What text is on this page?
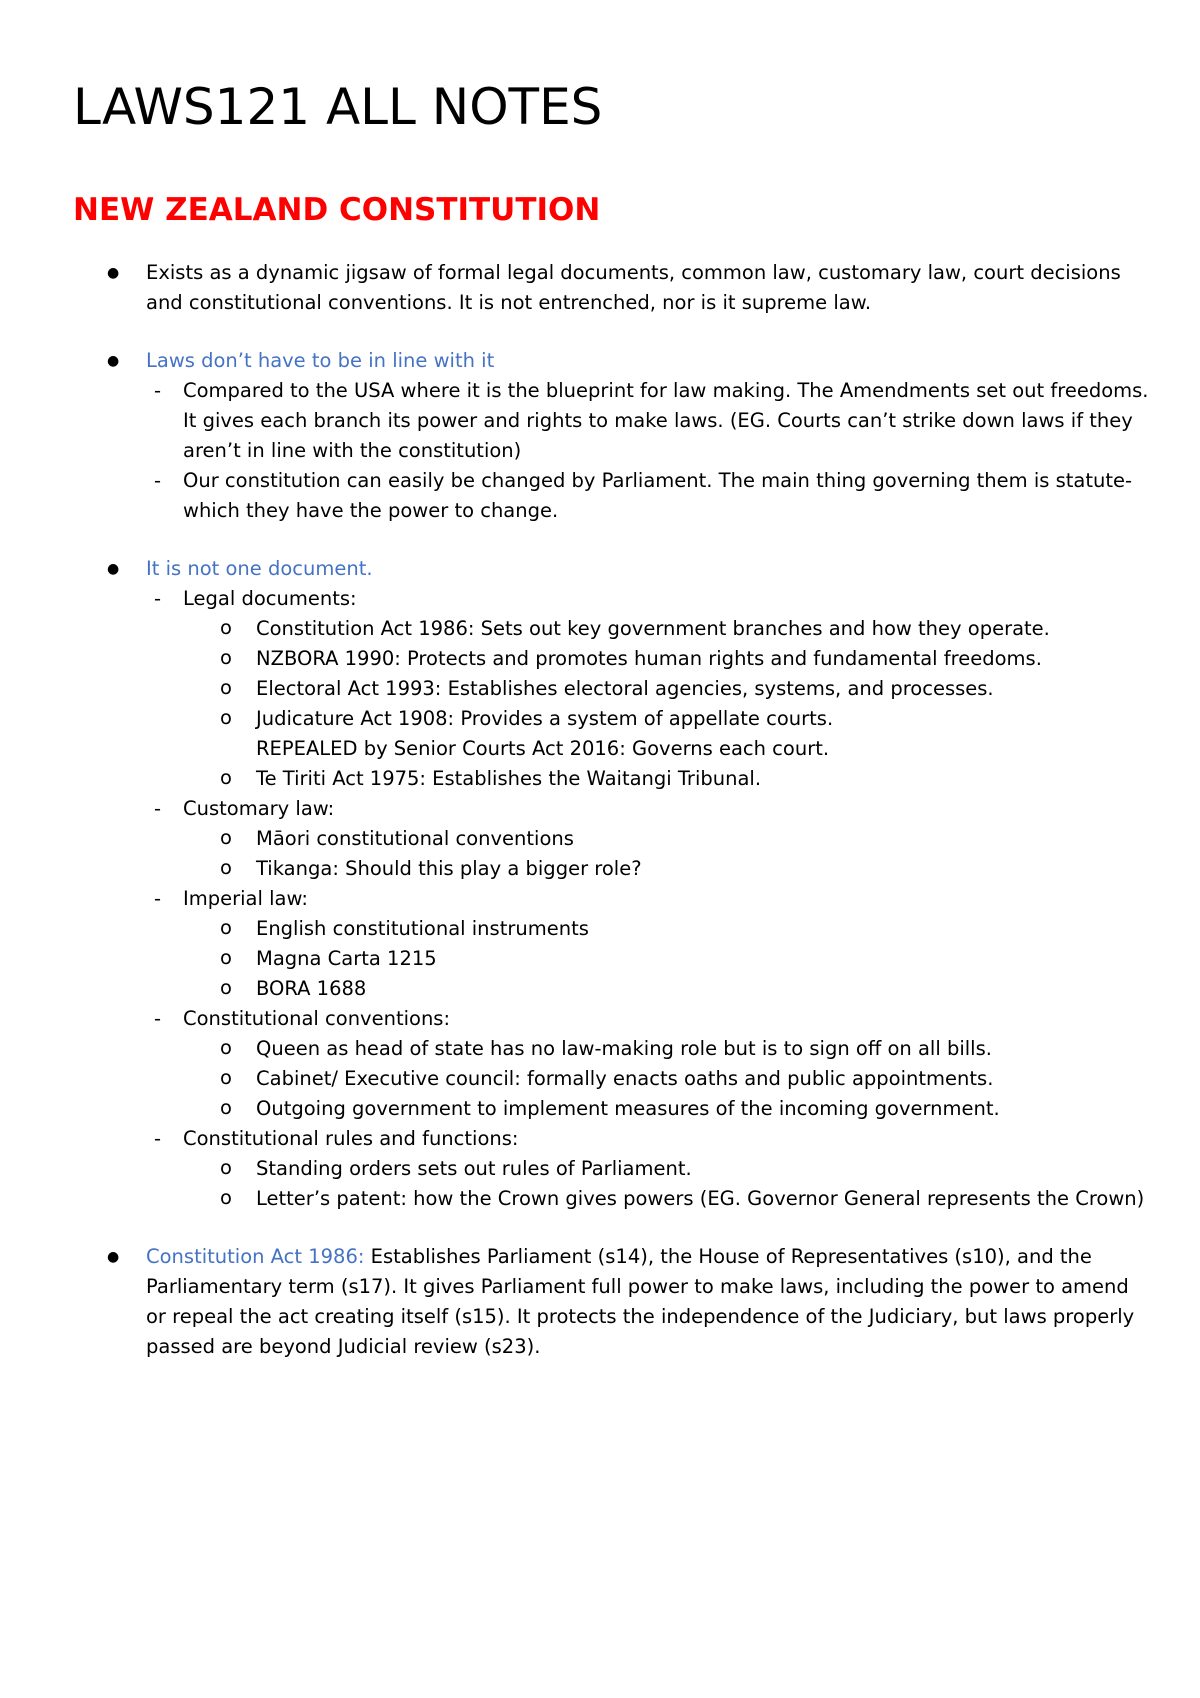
LAWS121 ALL NOTES
NEW ZEALAND CONSTITUTION
● Exists as a dynamic jigsaw of formal legal documents, common law, customary law, court decisions and constitutional conventions. It is not entrenched, nor is it supreme law.
● Laws don’t have to be in line with it
- Compared to the USA where it is the blueprint for law making. The Amendments set out freedoms. It gives each branch its power and rights to make laws. (EG. Courts can’t strike down laws if they aren’t in line with the constitution)
- Our constitution can easily be changed by Parliament. The main thing governing them is statute- which they have the power to change.
● It is not one document.
- Legal documents:
o Constitution Act 1986: Sets out key government branches and how they operate.
o NZBORA 1990: Protects and promotes human rights and fundamental freedoms.
o Electoral Act 1993: Establishes electoral agencies, systems, and processes.
o Judicature Act 1908: Provides a system of appellate courts.
REPEALED by Senior Courts Act 2016: Governs each court.
o Te Tiriti Act 1975: Establishes the Waitangi Tribunal.
- Customary law:
o Māori constitutional conventions
o Tikanga: Should this play a bigger role?
- Imperial law:
o English constitutional instruments
o Magna Carta 1215
o BORA 1688
- Constitutional conventions:
o Queen as head of state has no law-making role but is to sign off on all bills.
o Cabinet/ Executive council: formally enacts oaths and public appointments.
o Outgoing government to implement measures of the incoming government.
- Constitutional rules and functions:
o Standing orders sets out rules of Parliament.
o Letter’s patent: how the Crown gives powers (EG. Governor General represents the Crown)
● Constitution Act 1986: Establishes Parliament (s14), the House of Representatives (s10), and the Parliamentary term (s17). It gives Parliament full power to make laws, including the power to amend or repeal the act creating itself (s15). It protects the independence of the Judiciary, but laws properly passed are beyond Judicial review (s23).
